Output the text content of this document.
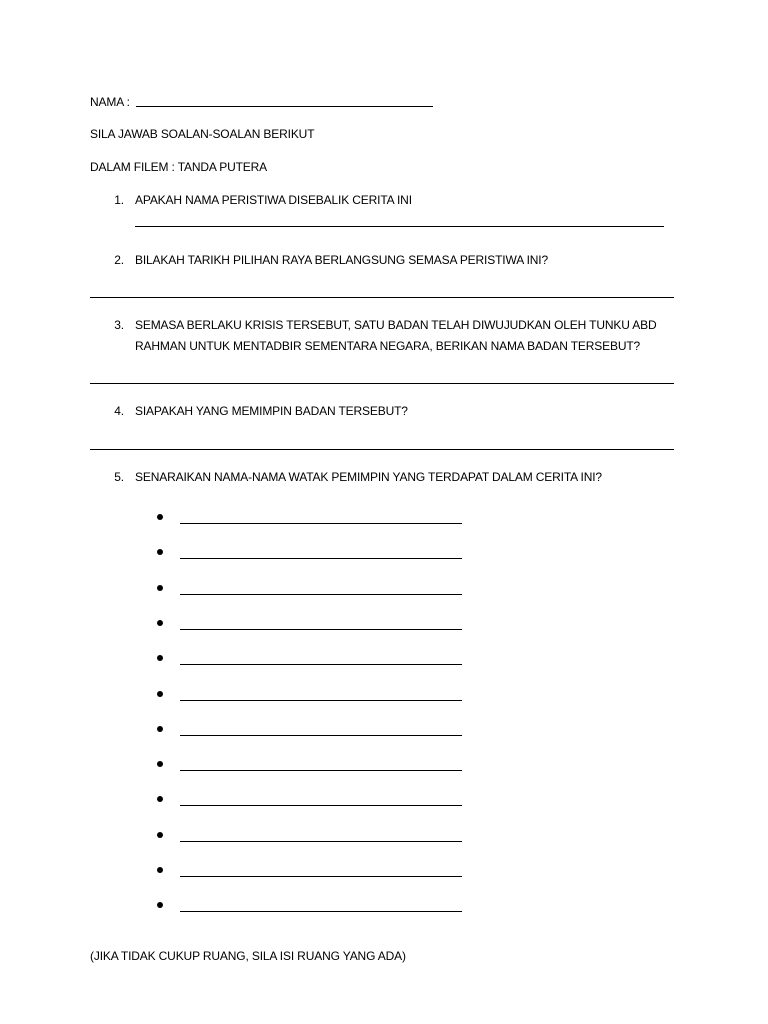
NAMA :
SILA JAWAB SOALAN-SOALAN BERIKUT
DALAM FILEM : TANDA PUTERA
1. APAKAH NAMA PERISTIWA DISEBALIK CERITA INI
2. BILAKAH TARIKH PILIHAN RAYA BERLANGSUNG SEMASA PERISTIWA INI?
3. SEMASA BERLAKU KRISIS TERSEBUT, SATU BADAN TELAH DIWUJUDKAN OLEH TUNKU ABD
RAHMAN UNTUK MENTADBIR SEMENTARA NEGARA, BERIKAN NAMA BADAN TERSEBUT?
4. SIAPAKAH YANG MEMIMPIN BADAN TERSEBUT?
5. SENARAIKAN NAMA-NAMA WATAK PEMIMPIN YANG TERDAPAT DALAM CERITA INI?
(JIKA TIDAK CUKUP RUANG, SILA ISI RUANG YANG ADA)
